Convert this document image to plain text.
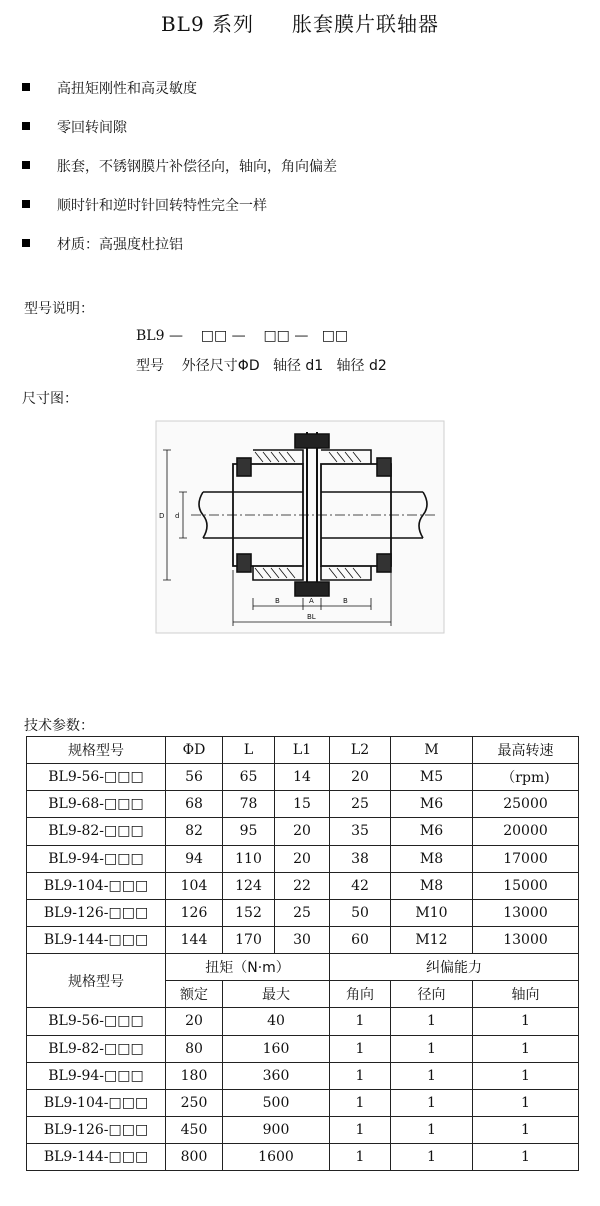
BL9 系列 胀套膜片联轴器
高扭矩刚性和高灵敏度
零回转间隙
胀套，不锈钢膜片补偿径向，轴向，角向偏差
顺时针和逆时针回转特性完全一样
材质：高强度杜拉铝
型号说明：
BL9 —    □□ —    □□ —   □□
型号    外径尺寸ΦD   轴径 d1   轴径 d2
尺寸图：
D d
B	A	B
BL
技术参数：
规格型号	ΦD	L	L1	L2	M	最高转速
BL9-56-□□□	56	65	14	20	M5	（rpm)
BL9-68-□□□	68	78	15	25	M6	25000
BL9-82-□□□	82	95	20	35	M6	20000
BL9-94-□□□	94	110	20	38	M8	17000
BL9-104-□□□	104	124	22	42	M8	15000
BL9-126-□□□	126	152	25	50	M10	13000
BL9-144-□□□	144	170	30	60	M12	13000
规格型号	扭矩（N·m）			纠偏能力		
	额定	最大		角向	径向	轴向
BL9-56-□□□	20	40		1	1	1
BL9-82-□□□	80	160		1	1	1
BL9-94-□□□	180	360		1	1	1
BL9-104-□□□	250	500		1	1	1
BL9-126-□□□	450	900		1	1	1
BL9-144-□□□	800	1600		1	1	1
